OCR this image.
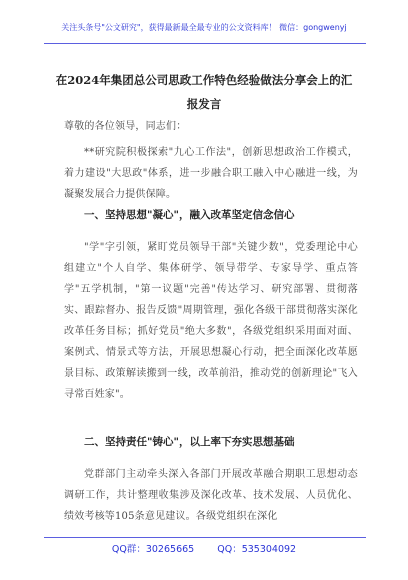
关注头条号"公文研究"，获得最新最全最专业的公文资料库！ 微信：gongwenyj
在2024年集团总公司思政工作特色经验做法分享会上的汇报发言
尊敬的各位领导，同志们：
**研究院积极探索"九心工作法"，创新思想政治工作模式，着力建设"大思政"体系，进一步融合职工融入中心融进一线，为凝聚发展合力提供保障。
一、坚持思想"凝心"，融入改革坚定信念信心
"学"字引领，紧盯党员领导干部"关键少数"，党委理论中心组建立"个人自学、集体研学、领导带学、专家导学、重点答学"五学机制，"第一议题"完善"传达学习、研究部署、贯彻落实、跟踪督办、报告反馈"周期管理，强化各级干部贯彻落实深化改革任务目标；抓好党员"绝大多数"，各级党组织采用面对面、案例式、情景式等方法，开展思想凝心行动，把全面深化改革愿景目标、政策解读搬到一线，改革前沿，推动党的创新理论"飞入寻常百姓家"。
二、坚持责任"铸心"，以上率下夯实思想基础
党群部门主动牵头深入各部门开展改革融合期职工思想动态调研工作，共计整理收集涉及深化改革、技术发展、人员优化、绩效考核等105条意见建议。各级党组织在深化
QQ群：30265665 QQ：535304092
